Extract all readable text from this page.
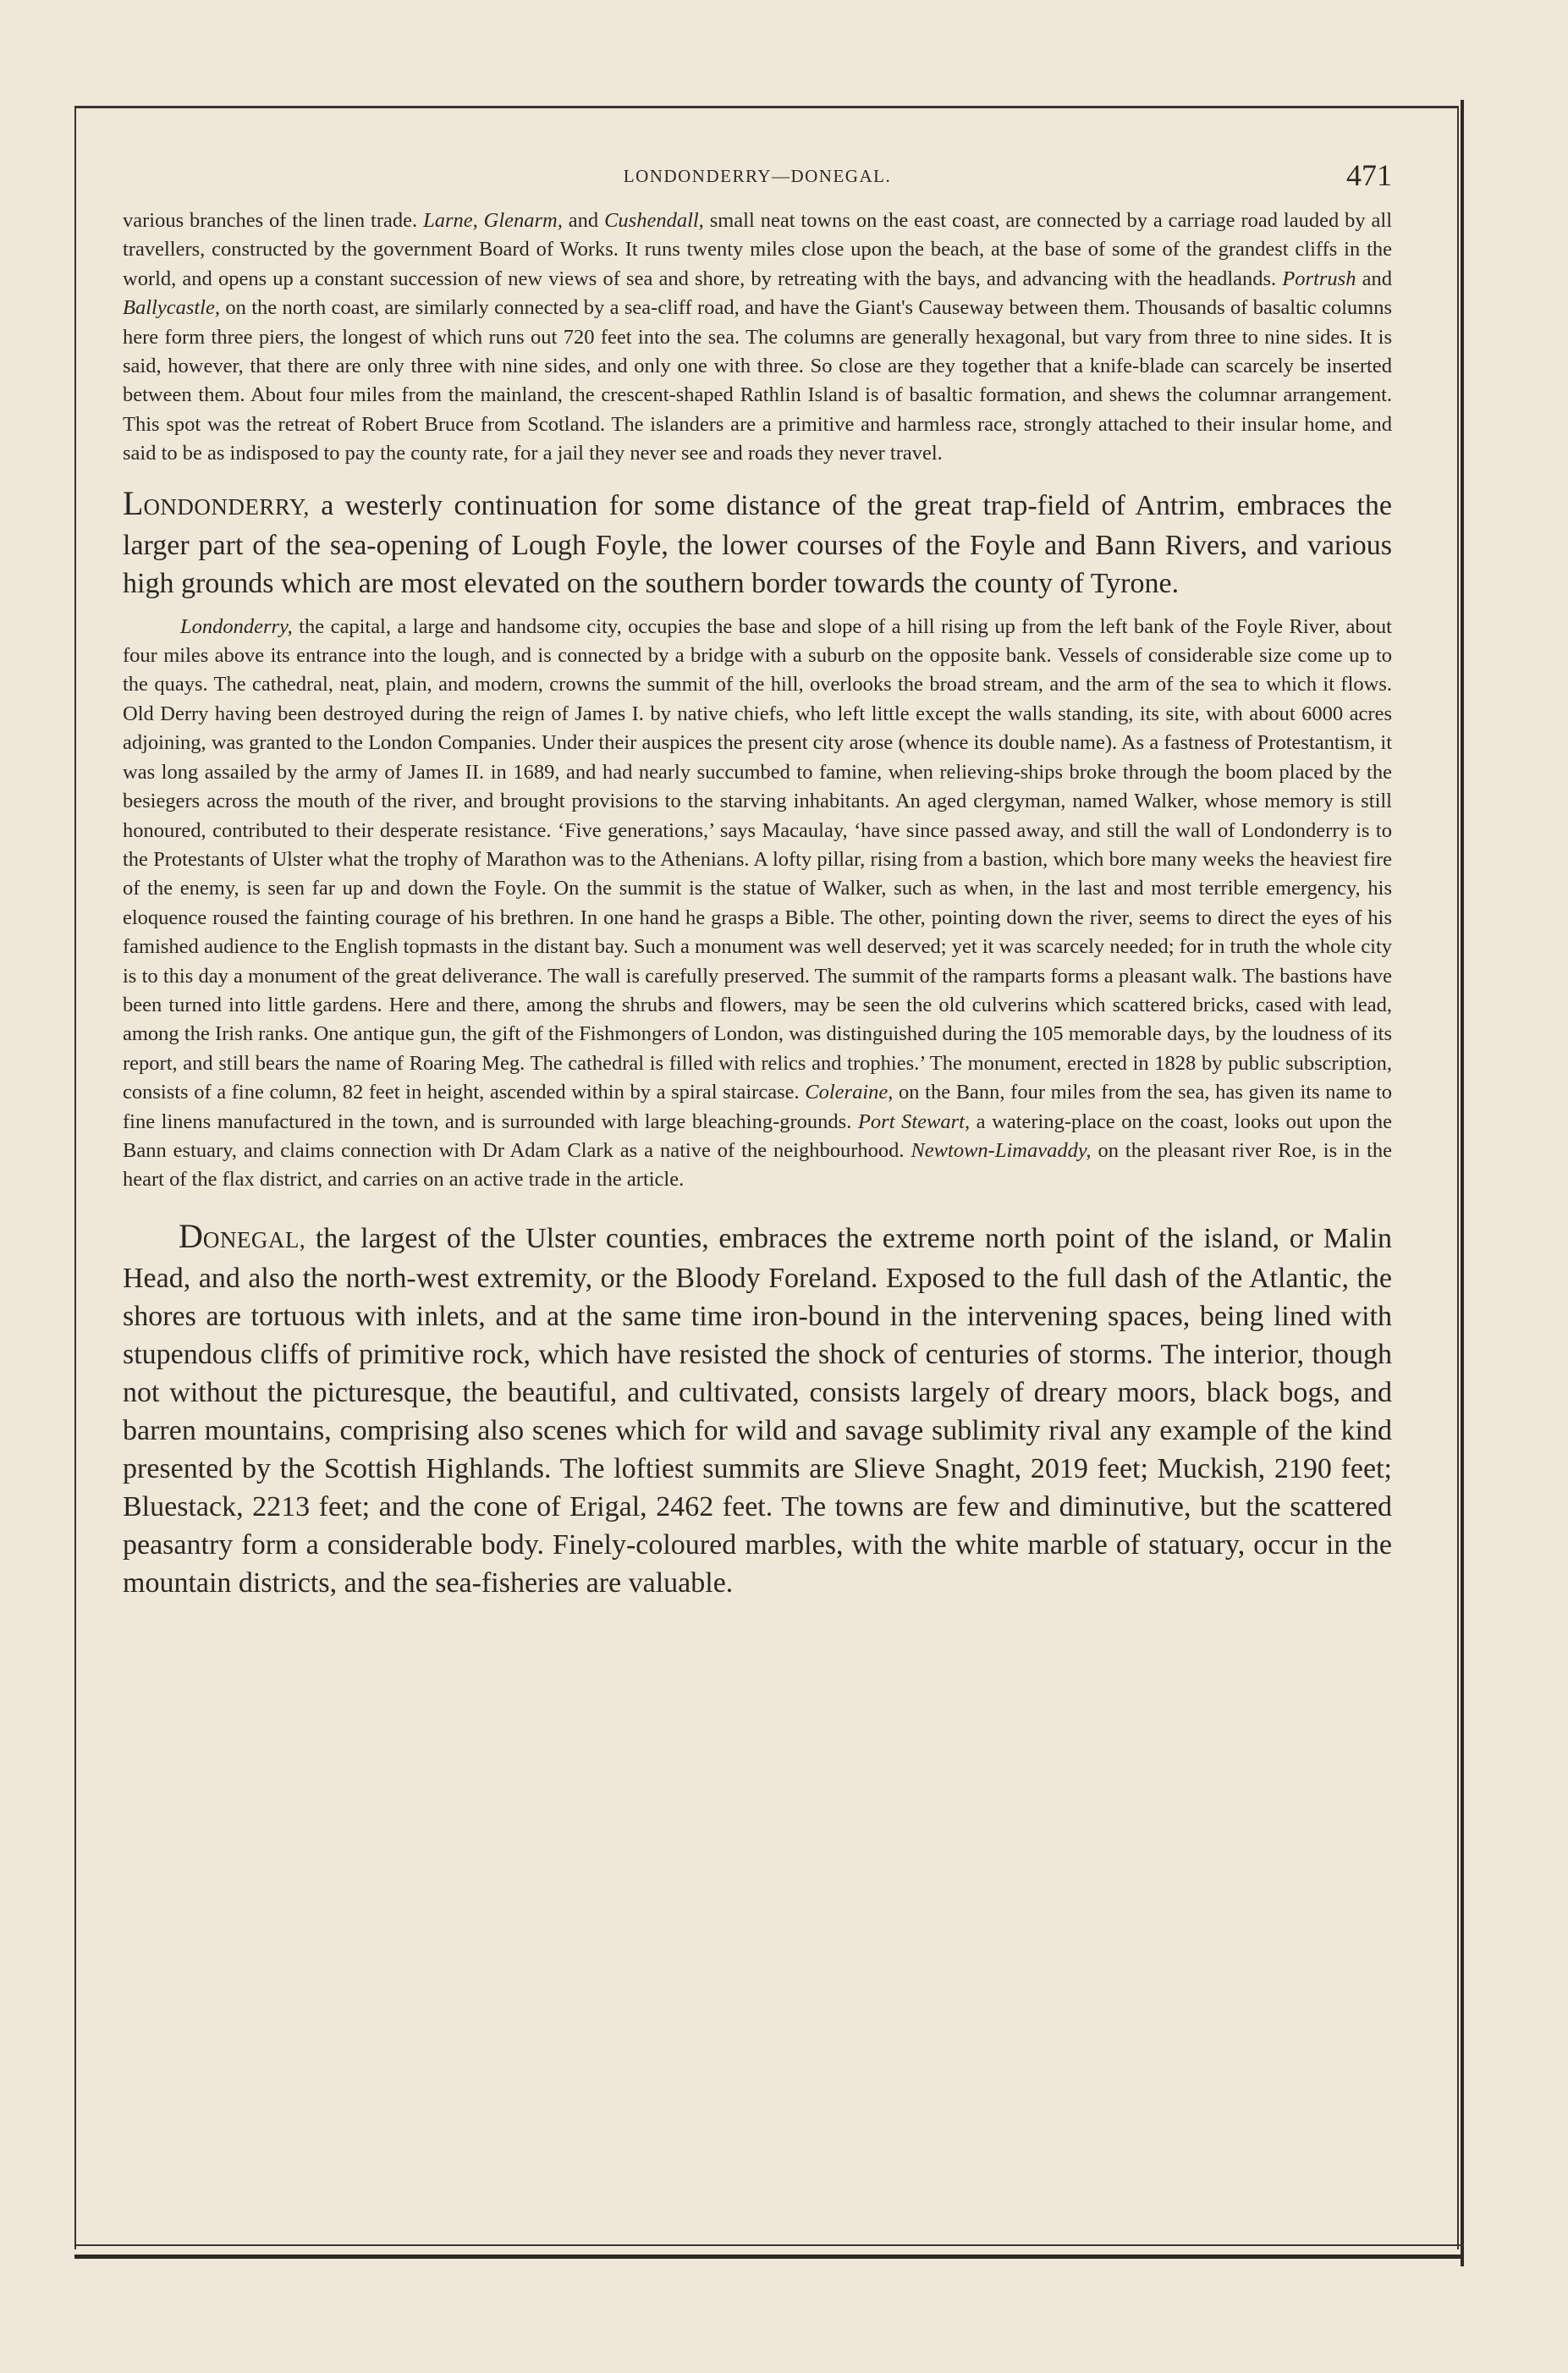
LONDONDERRY—DONEGAL.	471

various branches of the linen trade. Larne, Glenarm, and Cushendall, small neat towns on the east coast, are connected by a carriage road lauded by all travellers, constructed by the government Board of Works. It runs twenty miles close upon the beach, at the base of some of the grandest cliffs in the world, and opens up a constant succession of new views of sea and shore, by retreating with the bays, and advancing with the headlands. Portrush and Ballycastle, on the north coast, are similarly connected by a sea-cliff road, and have the Giant's Causeway between them. Thousands of basaltic columns here form three piers, the longest of which runs out 720 feet into the sea. The columns are generally hexagonal, but vary from three to nine sides. It is said, however, that there are only three with nine sides, and only one with three. So close are they together that a knife-blade can scarcely be inserted between them. About four miles from the mainland, the crescent-shaped Rathlin Island is of basaltic formation, and shews the columnar arrangement. This spot was the retreat of Robert Bruce from Scotland. The islanders are a primitive and harmless race, strongly attached to their insular home, and said to be as indisposed to pay the county rate, for a jail they never see and roads they never travel.

LONDONDERRY, a westerly continuation for some distance of the great trap-field of Antrim, embraces the larger part of the sea-opening of Lough Foyle, the lower courses of the Foyle and Bann Rivers, and various high grounds which are most elevated on the southern border towards the county of Tyrone.

Londonderry, the capital, a large and handsome city, occupies the base and slope of a hill rising up from the left bank of the Foyle River, about four miles above its entrance into the lough, and is connected by a bridge with a suburb on the opposite bank. Vessels of considerable size come up to the quays. The cathedral, neat, plain, and modern, crowns the summit of the hill, overlooks the broad stream, and the arm of the sea to which it flows. Old Derry having been destroyed during the reign of James I. by native chiefs, who left little except the walls standing, its site, with about 6000 acres adjoining, was granted to the London Companies. Under their auspices the present city arose (whence its double name). As a fastness of Protestantism, it was long assailed by the army of James II. in 1689, and had nearly succumbed to famine, when relieving-ships broke through the boom placed by the besiegers across the mouth of the river, and brought provisions to the starving inhabitants. An aged clergyman, named Walker, whose memory is still honoured, contributed to their desperate resistance. ‘Five generations,’ says Macaulay, ‘have since passed away, and still the wall of Londonderry is to the Protestants of Ulster what the trophy of Marathon was to the Athenians. A lofty pillar, rising from a bastion, which bore many weeks the heaviest fire of the enemy, is seen far up and down the Foyle. On the summit is the statue of Walker, such as when, in the last and most terrible emergency, his eloquence roused the fainting courage of his brethren. In one hand he grasps a Bible. The other, pointing down the river, seems to direct the eyes of his famished audience to the English topmasts in the distant bay. Such a monument was well deserved; yet it was scarcely needed; for in truth the whole city is to this day a monument of the great deliverance. The wall is carefully preserved. The summit of the ramparts forms a pleasant walk. The bastions have been turned into little gardens. Here and there, among the shrubs and flowers, may be seen the old culverins which scattered bricks, cased with lead, among the Irish ranks. One antique gun, the gift of the Fishmongers of London, was distinguished during the 105 memorable days, by the loudness of its report, and still bears the name of Roaring Meg. The cathedral is filled with relics and trophies.’ The monument, erected in 1828 by public subscription, consists of a fine column, 82 feet in height, ascended within by a spiral staircase. Coleraine, on the Bann, four miles from the sea, has given its name to fine linens manufactured in the town, and is surrounded with large bleaching-grounds. Port Stewart, a watering-place on the coast, looks out upon the Bann estuary, and claims connection with Dr Adam Clark as a native of the neighbourhood. Newtown-Limavaddy, on the pleasant river Roe, is in the heart of the flax district, and carries on an active trade in the article.

DONEGAL, the largest of the Ulster counties, embraces the extreme north point of the island, or Malin Head, and also the north-west extremity, or the Bloody Foreland. Exposed to the full dash of the Atlantic, the shores are tortuous with inlets, and at the same time iron-bound in the intervening spaces, being lined with stupendous cliffs of primitive rock, which have resisted the shock of centuries of storms. The interior, though not without the picturesque, the beautiful, and cultivated, consists largely of dreary moors, black bogs, and barren mountains, comprising also scenes which for wild and savage sublimity rival any example of the kind presented by the Scottish Highlands. The loftiest summits are Slieve Snaght, 2019 feet; Muckish, 2190 feet; Bluestack, 2213 feet; and the cone of Erigal, 2462 feet. The towns are few and diminutive, but the scattered peasantry form a considerable body. Finely-coloured marbles, with the white marble of statuary, occur in the mountain districts, and the sea-fisheries are valuable.
